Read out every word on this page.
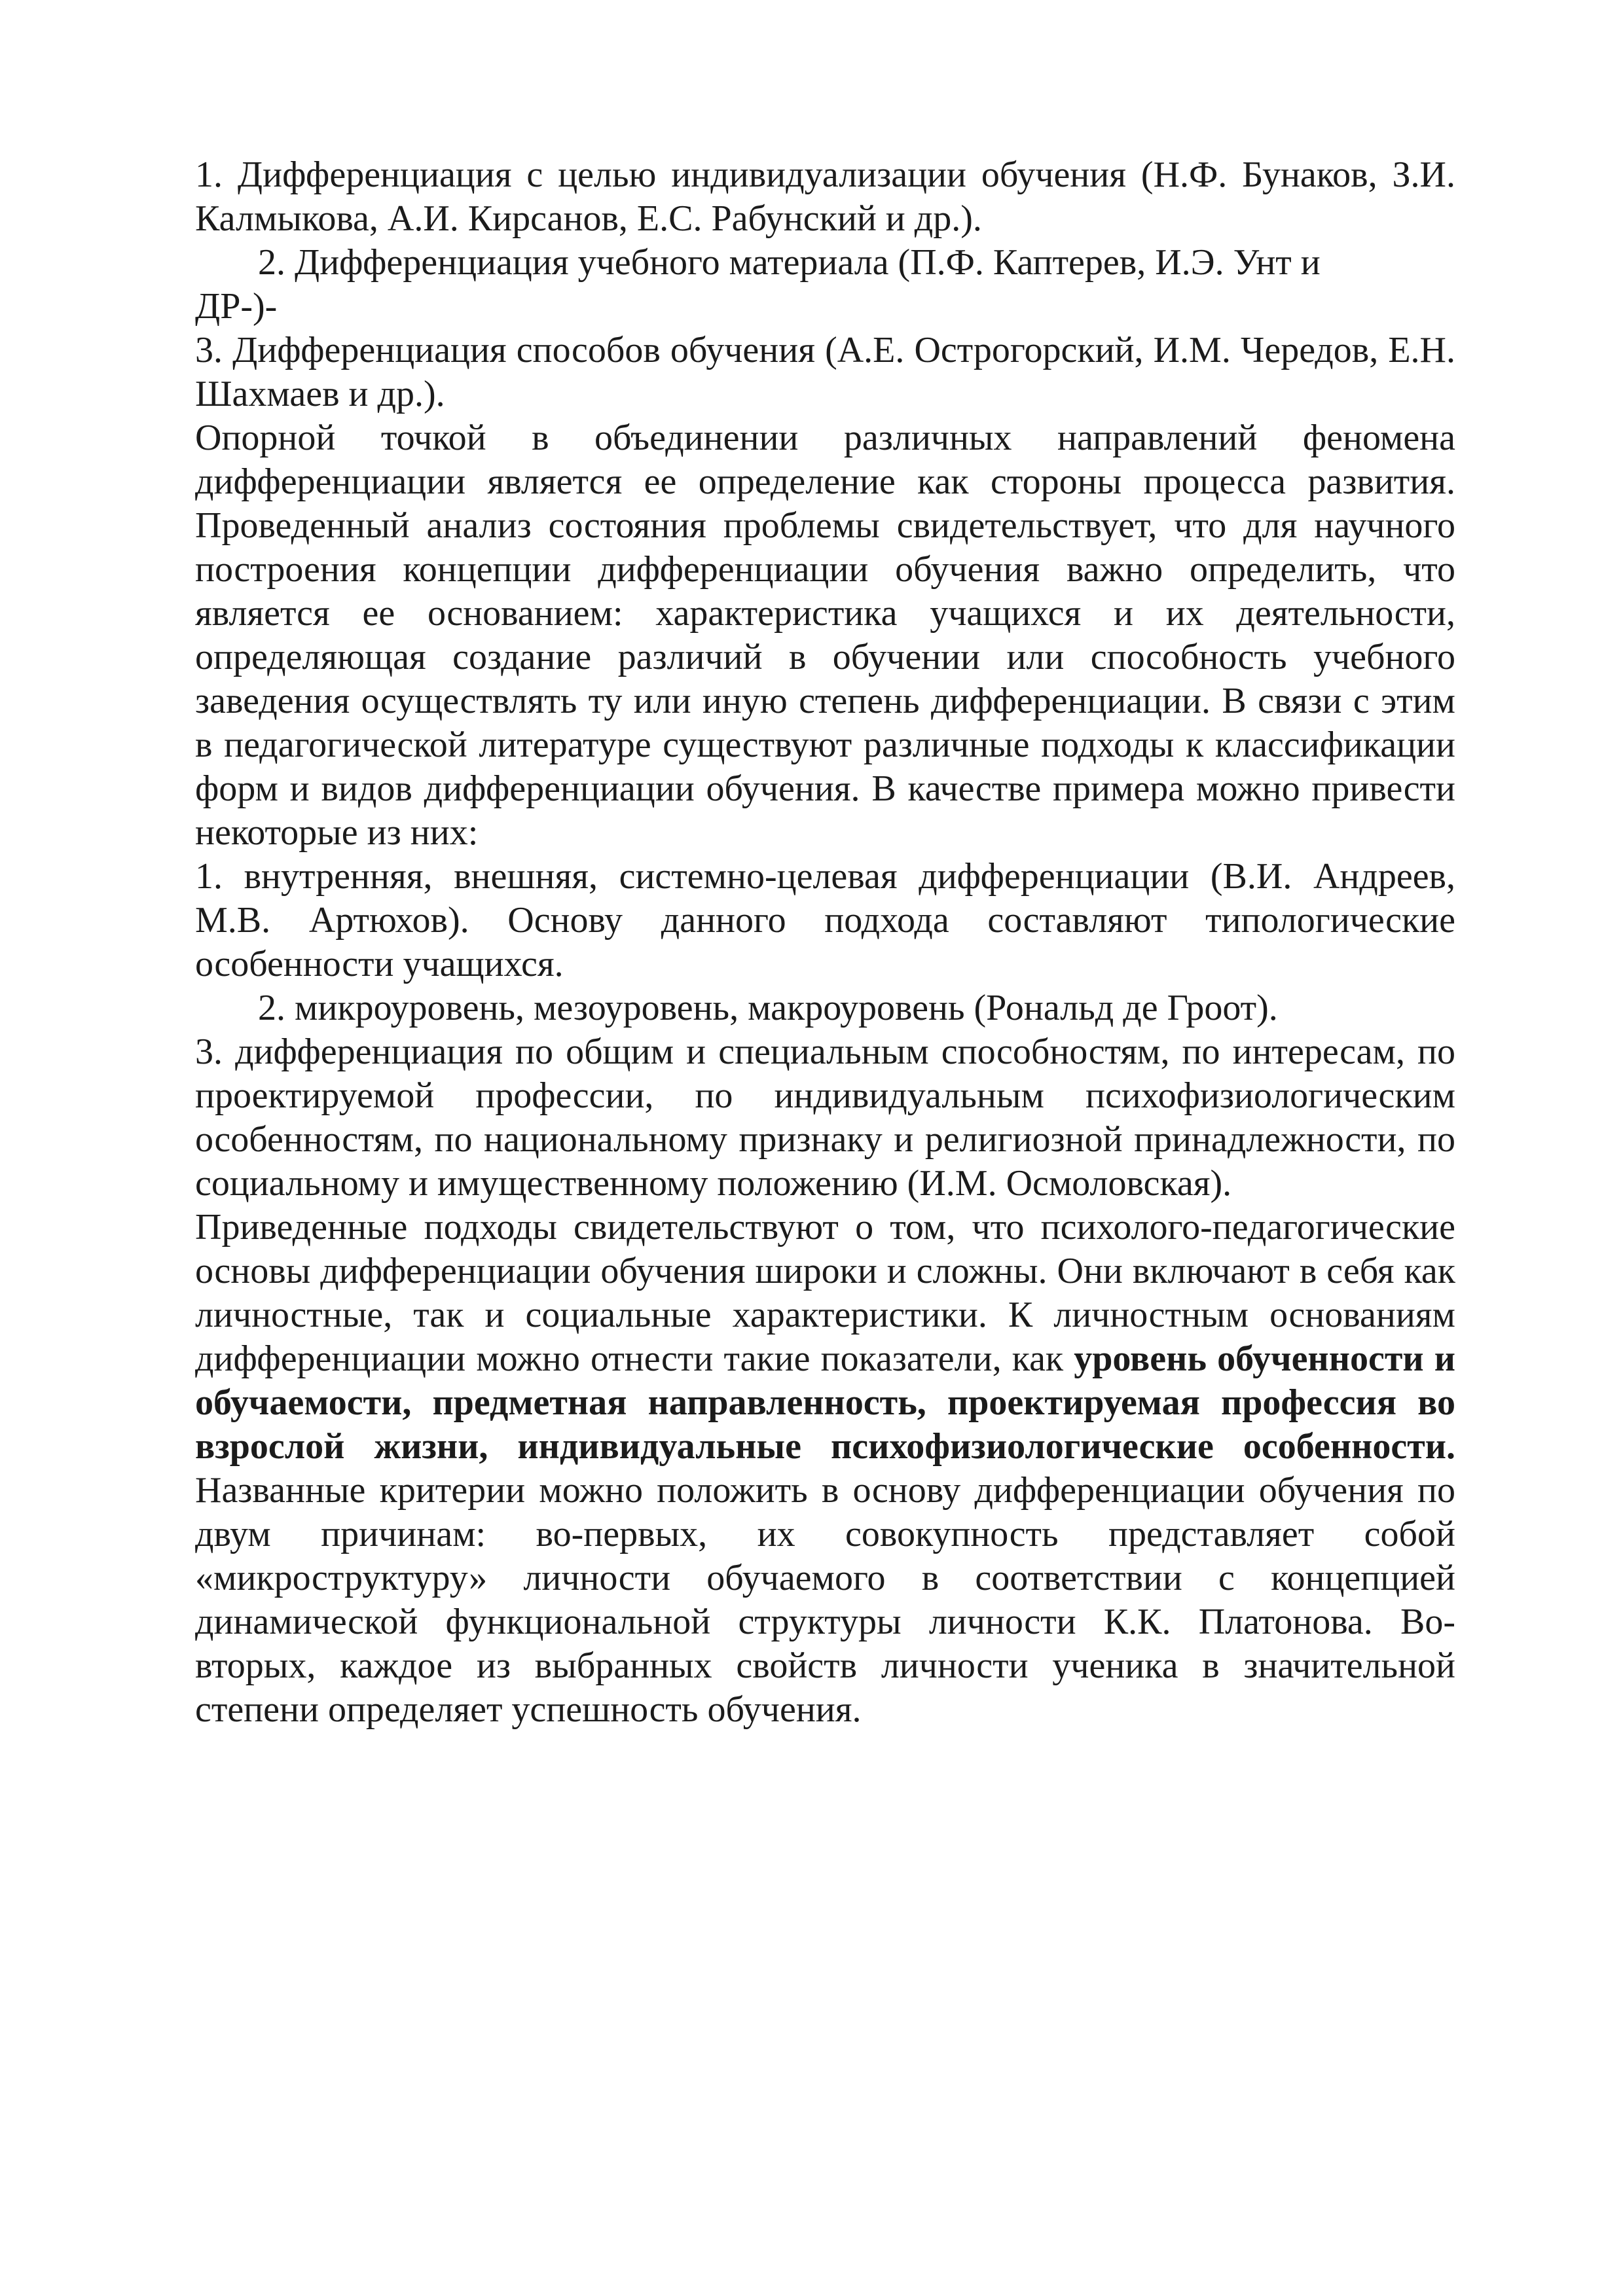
1. Дифференциация с целью индивидуализации обучения (Н.Ф. Бунаков, З.И. Калмыкова, А.И. Кирсанов, Е.С. Рабунский и др.).

2. Дифференциация учебного материала (П.Ф. Каптерев, И.Э. Унт и

ДР-)-

3. Дифференциация способов обучения (А.Е. Острогорский, И.М. Чередов, Е.Н. Шахмаев и др.).

Опорной точкой в объединении различных направлений феномена дифференциации является ее определение как стороны процесса развития. Проведенный анализ состояния проблемы свидетельствует, что для научного построения концепции дифференциации обучения важно определить, что является ее основанием: характеристика учащихся и их деятельности, определяющая создание различий в обучении или способность учебного заведения осуществлять ту или иную степень дифференциации. В связи с этим в педагогической литературе существуют различные подходы к классификации форм и видов дифференциации обучения. В качестве примера можно привести некоторые из них:

1. внутренняя, внешняя, системно-целевая дифференциации (В.И. Андреев, М.В. Артюхов). Основу данного подхода составляют типологические особенности учащихся.

2. микроуровень, мезоуровень, макроуровень (Рональд де Гроот).

3. дифференциация по общим и специальным способностям, по интересам, по проектируемой профессии, по индивидуальным психофизиологическим особенностям, по национальному признаку и религиозной принадлежности, по социальному и имущественному положению (И.М. Осмоловская).

Приведенные подходы свидетельствуют о том, что психолого-педагогические основы дифференциации обучения широки и сложны. Они включают в себя как личностные, так и социальные характеристики. К личностным основаниям дифференциации можно отнести такие показатели, как уровень обученности и обучаемости, предметная направленность, проектируемая профессия во взрослой жизни, индивидуальные психофизиологические особенности. Названные критерии можно положить в основу дифференциации обучения по двум причинам: во-первых, их совокупность представляет собой «микроструктуру» личности обучаемого в соответствии с концепцией динамической функциональной структуры личности К.К. Платонова. Во-вторых, каждое из выбранных свойств личности ученика в значительной степени определяет успешность обучения.
